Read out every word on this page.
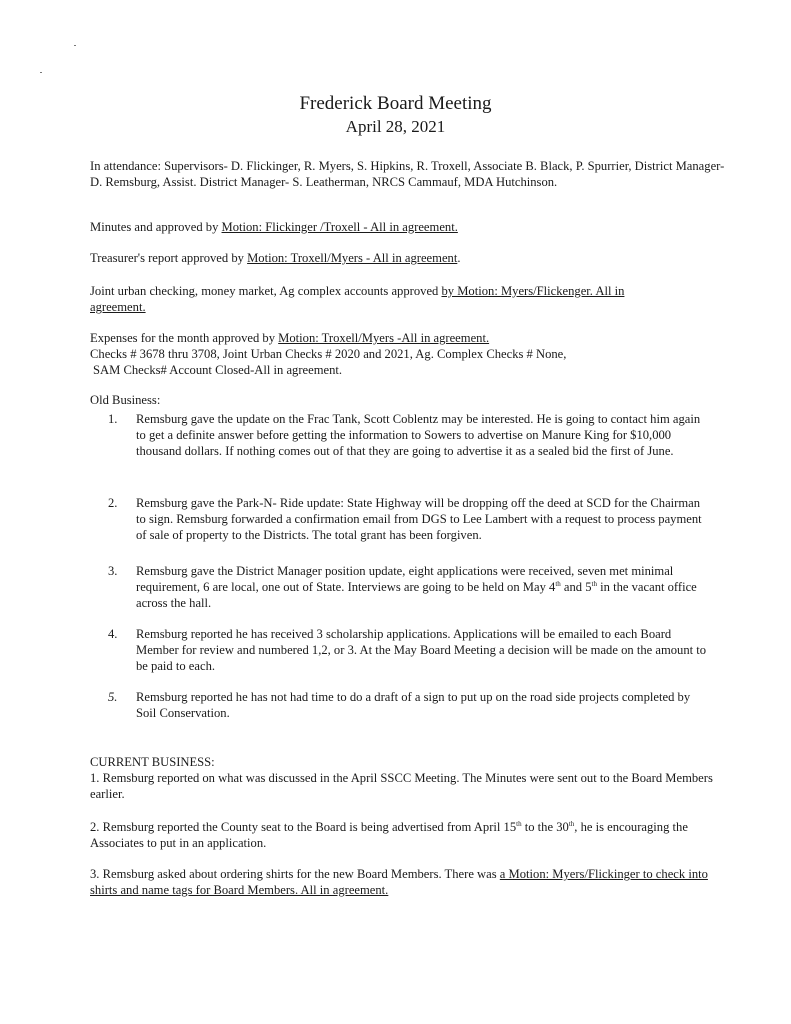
Frederick Board Meeting
April 28, 2021
In attendance: Supervisors- D. Flickinger, R. Myers, S. Hipkins, R. Troxell, Associate B. Black, P. Spurrier, District Manager- D. Remsburg, Assist. District Manager- S. Leatherman, NRCS Cammauf, MDA Hutchinson.
Minutes and approved by Motion: Flickinger /Troxell - All in agreement.
Treasurer's report approved by Motion: Troxell/Myers - All in agreement.
Joint urban checking, money market, Ag complex accounts approved by Motion: Myers/Flickenger. All in agreement.
Expenses for the month approved by Motion: Troxell/Myers -All in agreement.
Checks # 3678 thru 3708, Joint Urban Checks # 2020 and 2021, Ag. Complex Checks # None,
SAM Checks# Account Closed-All in agreement.
Old Business:
1. Remsburg gave the update on the Frac Tank, Scott Coblentz may be interested. He is going to contact him again to get a definite answer before getting the information to Sowers to advertise on Manure King for $10,000 thousand dollars. If nothing comes out of that they are going to advertise it as a sealed bid the first of June.
2. Remsburg gave the Park-N- Ride update: State Highway will be dropping off the deed at SCD for the Chairman to sign. Remsburg forwarded a confirmation email from DGS to Lee Lambert with a request to process payment of sale of property to the Districts. The total grant has been forgiven.
3. Remsburg gave the District Manager position update, eight applications were received, seven met minimal requirement, 6 are local, one out of State. Interviews are going to be held on May 4th and 5th in the vacant office across the hall.
4. Remsburg reported he has received 3 scholarship applications. Applications will be emailed to each Board Member for review and numbered 1,2, or 3. At the May Board Meeting a decision will be made on the amount to be paid to each.
5. Remsburg reported he has not had time to do a draft of a sign to put up on the road side projects completed by Soil Conservation.
CURRENT BUSINESS:
1. Remsburg reported on what was discussed in the April SSCC Meeting. The Minutes were sent out to the Board Members earlier.
2. Remsburg reported the County seat to the Board is being advertised from April 15th to the 30th, he is encouraging the Associates to put in an application.
3. Remsburg asked about ordering shirts for the new Board Members. There was a Motion: Myers/Flickinger to check into shirts and name tags for Board Members. All in agreement.
